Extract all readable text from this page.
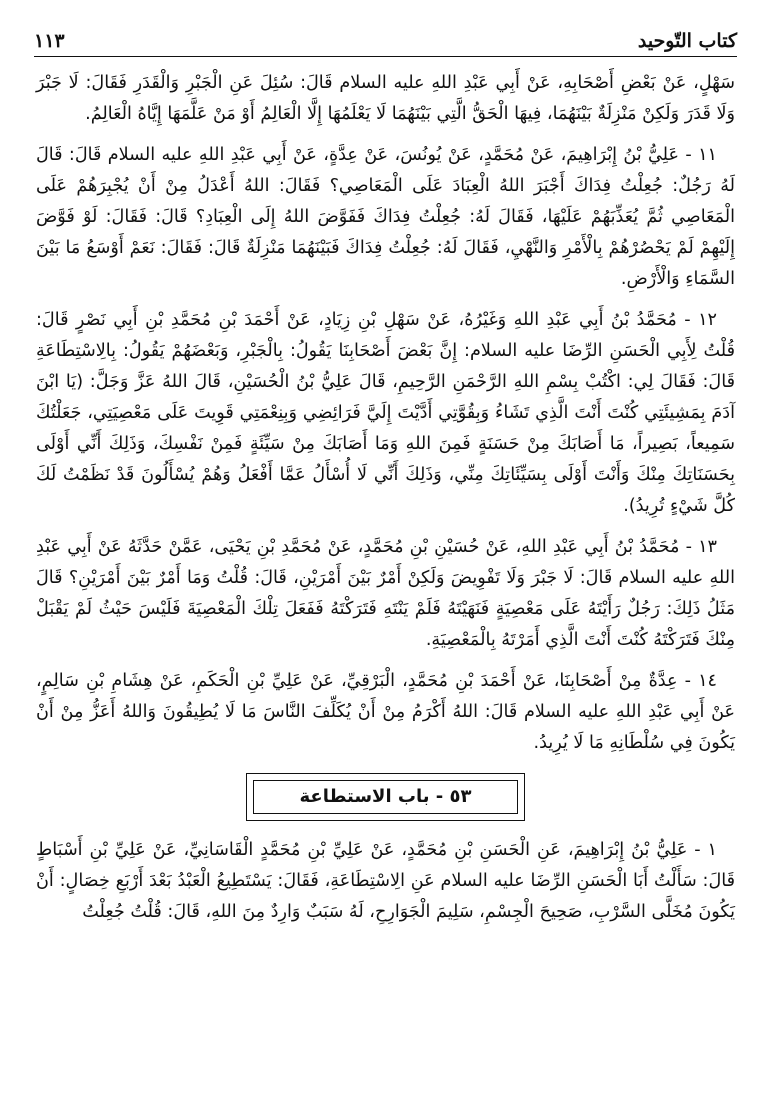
كتاب التّوحيد
١١٣

سَهْلٍ، عَنْ بَعْضِ أَصْحَابِهِ، عَنْ أَبِي عَبْدِ اللهِ عليه السلام قَالَ: سُئِلَ عَنِ الْجَبْرِ وَالْقَدَرِ فَقَالَ: لَا جَبْرَ وَلَا قَدَرَ وَلَكِنْ مَنْزِلَةٌ بَيْنَهُمَا، فِيهَا الْحَقُّ الَّتِي بَيْنَهُمَا لَا يَعْلَمُهَا إِلَّا الْعَالِمُ أَوْ مَنْ عَلَّمَهَا إِيَّاهُ الْعَالِمُ.

١١ - عَلِيُّ بْنُ إِبْرَاهِيمَ، عَنْ مُحَمَّدٍ، عَنْ يُونُسَ، عَنْ عِدَّةٍ، عَنْ أَبِي عَبْدِ اللهِ عليه السلام قَالَ: قَالَ لَهُ رَجُلٌ: جُعِلْتُ فِدَاكَ أَجْبَرَ اللهُ الْعِبَادَ عَلَى الْمَعَاصِي؟ فَقَالَ: اللهُ أَعْدَلُ مِنْ أَنْ يُجْبِرَهُمْ عَلَى الْمَعَاصِي ثُمَّ يُعَذِّبَهُمْ عَلَيْهَا، فَقَالَ لَهُ: جُعِلْتُ فِدَاكَ فَفَوَّضَ اللهُ إِلَى الْعِبَادِ؟ قَالَ: فَقَالَ: لَوْ فَوَّضَ إِلَيْهِمْ لَمْ يَحْصُرْهُمْ بِالْأَمْرِ وَالنَّهْيِ، فَقَالَ لَهُ: جُعِلْتُ فِدَاكَ فَبَيْنَهُمَا مَنْزِلَةٌ قَالَ: فَقَالَ: نَعَمْ أَوْسَعُ مَا بَيْنَ السَّمَاءِ وَالْأَرْضِ.

١٢ - مُحَمَّدُ بْنُ أَبِي عَبْدِ اللهِ وَغَيْرُهُ، عَنْ سَهْلِ بْنِ زِيَادٍ، عَنْ أَحْمَدَ بْنِ مُحَمَّدِ بْنِ أَبِي نَصْرٍ قَالَ: قُلْتُ لِأَبِي الْحَسَنِ الرِّضَا عليه السلام: إِنَّ بَعْضَ أَصْحَابِنَا يَقُولُ: بِالْجَبْرِ، وَبَعْضَهُمْ يَقُولُ: بِالِاسْتِطَاعَةِ قَالَ: فَقَالَ لِي: اكْتُبْ بِسْمِ اللهِ الرَّحْمَنِ الرَّحِيمِ، قَالَ عَلِيُّ بْنُ الْحُسَيْنِ، قَالَ اللهُ عَزَّ وَجَلَّ: (يَا ابْنَ آدَمَ بِمَشِيئَتِي كُنْتَ أَنْتَ الَّذِي تَشَاءُ وَبِقُوَّتِي أَدَّيْتَ إِلَيَّ فَرَائِضِي وَبِنِعْمَتِي قَوِيتَ عَلَى مَعْصِيَتِي، جَعَلْتُكَ سَمِيعاً، بَصِيراً، مَا أَصَابَكَ مِنْ حَسَنَةٍ فَمِنَ اللهِ وَمَا أَصَابَكَ مِنْ سَيِّئَةٍ فَمِنْ نَفْسِكَ، وَذَلِكَ أَنِّي أَوْلَى بِحَسَنَاتِكَ مِنْكَ وَأَنْتَ أَوْلَى بِسَيِّئَاتِكَ مِنِّي، وَذَلِكَ أَنِّي لَا أُسْأَلُ عَمَّا أَفْعَلُ وَهُمْ يُسْأَلُونَ قَدْ نَظَمْتُ لَكَ كُلَّ شَيْءٍ تُرِيدُ).

١٣ - مُحَمَّدُ بْنُ أَبِي عَبْدِ اللهِ، عَنْ حُسَيْنِ بْنِ مُحَمَّدٍ، عَنْ مُحَمَّدِ بْنِ يَحْيَى، عَمَّنْ حَدَّثَهُ عَنْ أَبِي عَبْدِ اللهِ عليه السلام قَالَ: لَا جَبْرَ وَلَا تَفْوِيضَ وَلَكِنْ أَمْرٌ بَيْنَ أَمْرَيْنِ، قَالَ: قُلْتُ وَمَا أَمْرٌ بَيْنَ أَمْرَيْنِ؟ قَالَ مَثَلُ ذَلِكَ: رَجُلٌ رَأَيْتَهُ عَلَى مَعْصِيَةٍ فَنَهَيْتَهُ فَلَمْ يَنْتَهِ فَتَرَكْتَهُ فَفَعَلَ تِلْكَ الْمَعْصِيَةَ فَلَيْسَ حَيْثُ لَمْ يَقْبَلْ مِنْكَ فَتَرَكْتَهُ كُنْتَ أَنْتَ الَّذِي أَمَرْتَهُ بِالْمَعْصِيَةِ.

١٤ - عِدَّةٌ مِنْ أَصْحَابِنَا، عَنْ أَحْمَدَ بْنِ مُحَمَّدٍ، الْبَرْقِيِّ، عَنْ عَلِيِّ بْنِ الْحَكَمِ، عَنْ هِشَامِ بْنِ سَالِمٍ، عَنْ أَبِي عَبْدِ اللهِ عليه السلام قَالَ: اللهُ أَكْرَمُ مِنْ أَنْ يُكَلِّفَ النَّاسَ مَا لَا يُطِيقُونَ وَاللهُ أَعَزُّ مِنْ أَنْ يَكُونَ فِي سُلْطَانِهِ مَا لَا يُرِيدُ.

٥٣ - باب الاستطاعة

١ - عَلِيُّ بْنُ إِبْرَاهِيمَ، عَنِ الْحَسَنِ بْنِ مُحَمَّدٍ، عَنْ عَلِيِّ بْنِ مُحَمَّدٍ الْقَاسَانِيِّ، عَنْ عَلِيِّ بْنِ أَسْبَاطٍ قَالَ: سَأَلْتُ أَبَا الْحَسَنِ الرِّضَا عليه السلام عَنِ الِاسْتِطَاعَةِ، فَقَالَ: يَسْتَطِيعُ الْعَبْدُ بَعْدَ أَرْبَعِ خِصَالٍ: أَنْ يَكُونَ مُخَلَّى السَّرْبِ، صَحِيحَ الْجِسْمِ، سَلِيمَ الْجَوَارِحِ، لَهُ سَبَبٌ وَارِدٌ مِنَ اللهِ، قَالَ: قُلْتُ جُعِلْتُ
